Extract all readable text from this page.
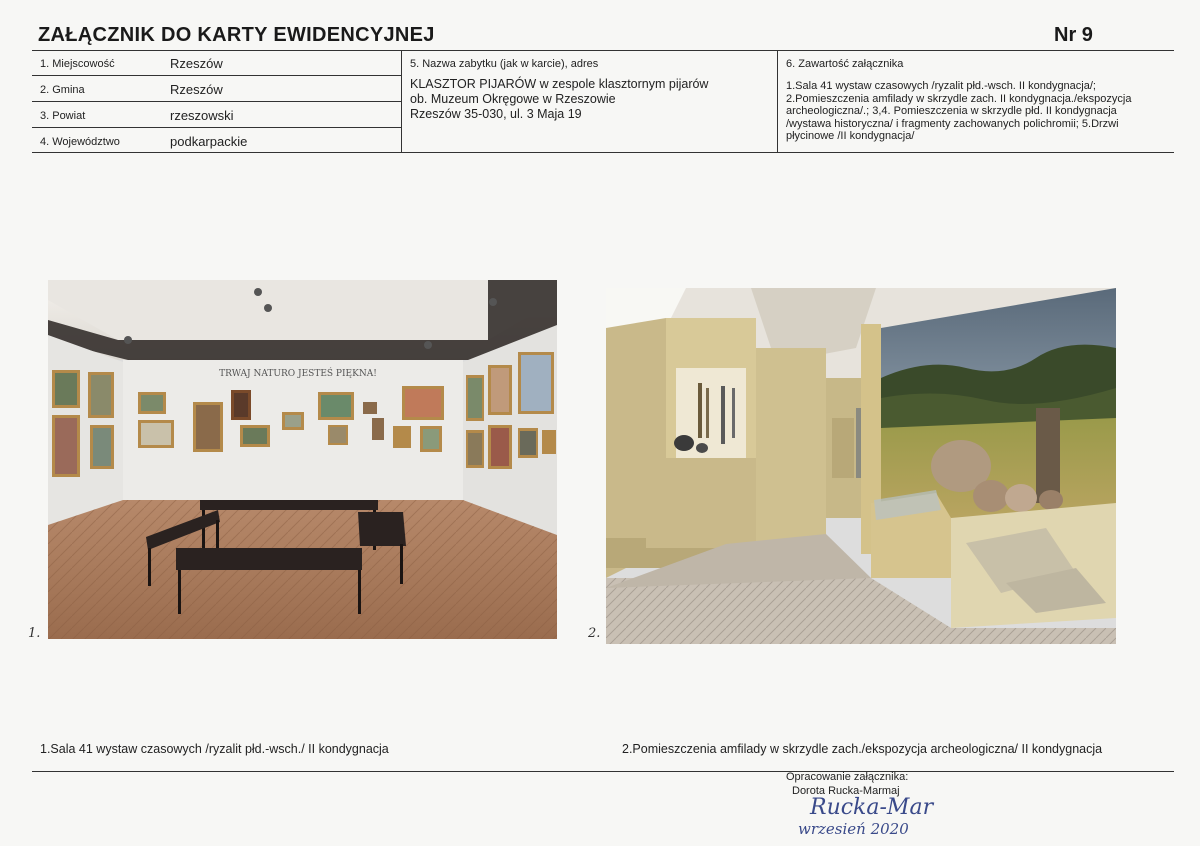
ZAŁĄCZNIK DO KARTY EWIDENCYJNEJ	Nr 9
1. Miejscowość	Rzeszów
2. Gmina	Rzeszów
3. Powiat	rzeszowski
4. Województwo	podkarpackie
5. Nazwa zabytku (jak w karcie), adres
KLASZTOR PIJARÓW w zespole klasztornym pijarów
ob. Muzeum Okręgowe w Rzeszowie
Rzeszów 35-030, ul. 3 Maja 19
6. Zawartość załącznika
1.Sala 41 wystaw czasowych /ryzalit płd.-wsch. II kondygnacja/;
2.Pomieszczenia amfilady w skrzydle zach. II kondygnacja./ekspozycja
archeologiczna/.; 3,4. Pomieszczenia w skrzydle płd. II kondygnacja
/wystawa historyczna/ i fragmenty zachowanych polichromii; 5.Drzwi
płycinowe /II kondygnacja/
TRWAJ NATURO JESTEŚ PIĘKNA!
1.	2.
1.Sala 41 wystaw czasowych /ryzalit płd.-wsch./ II kondygnacja	2.Pomieszczenia amfilady w skrzydle zach./ekspozycja archeologiczna/ II kondygnacja
Opracowanie załącznika:
Dorota Rucka-Marmaj
Rucka-Mar
wrzesień 2020
